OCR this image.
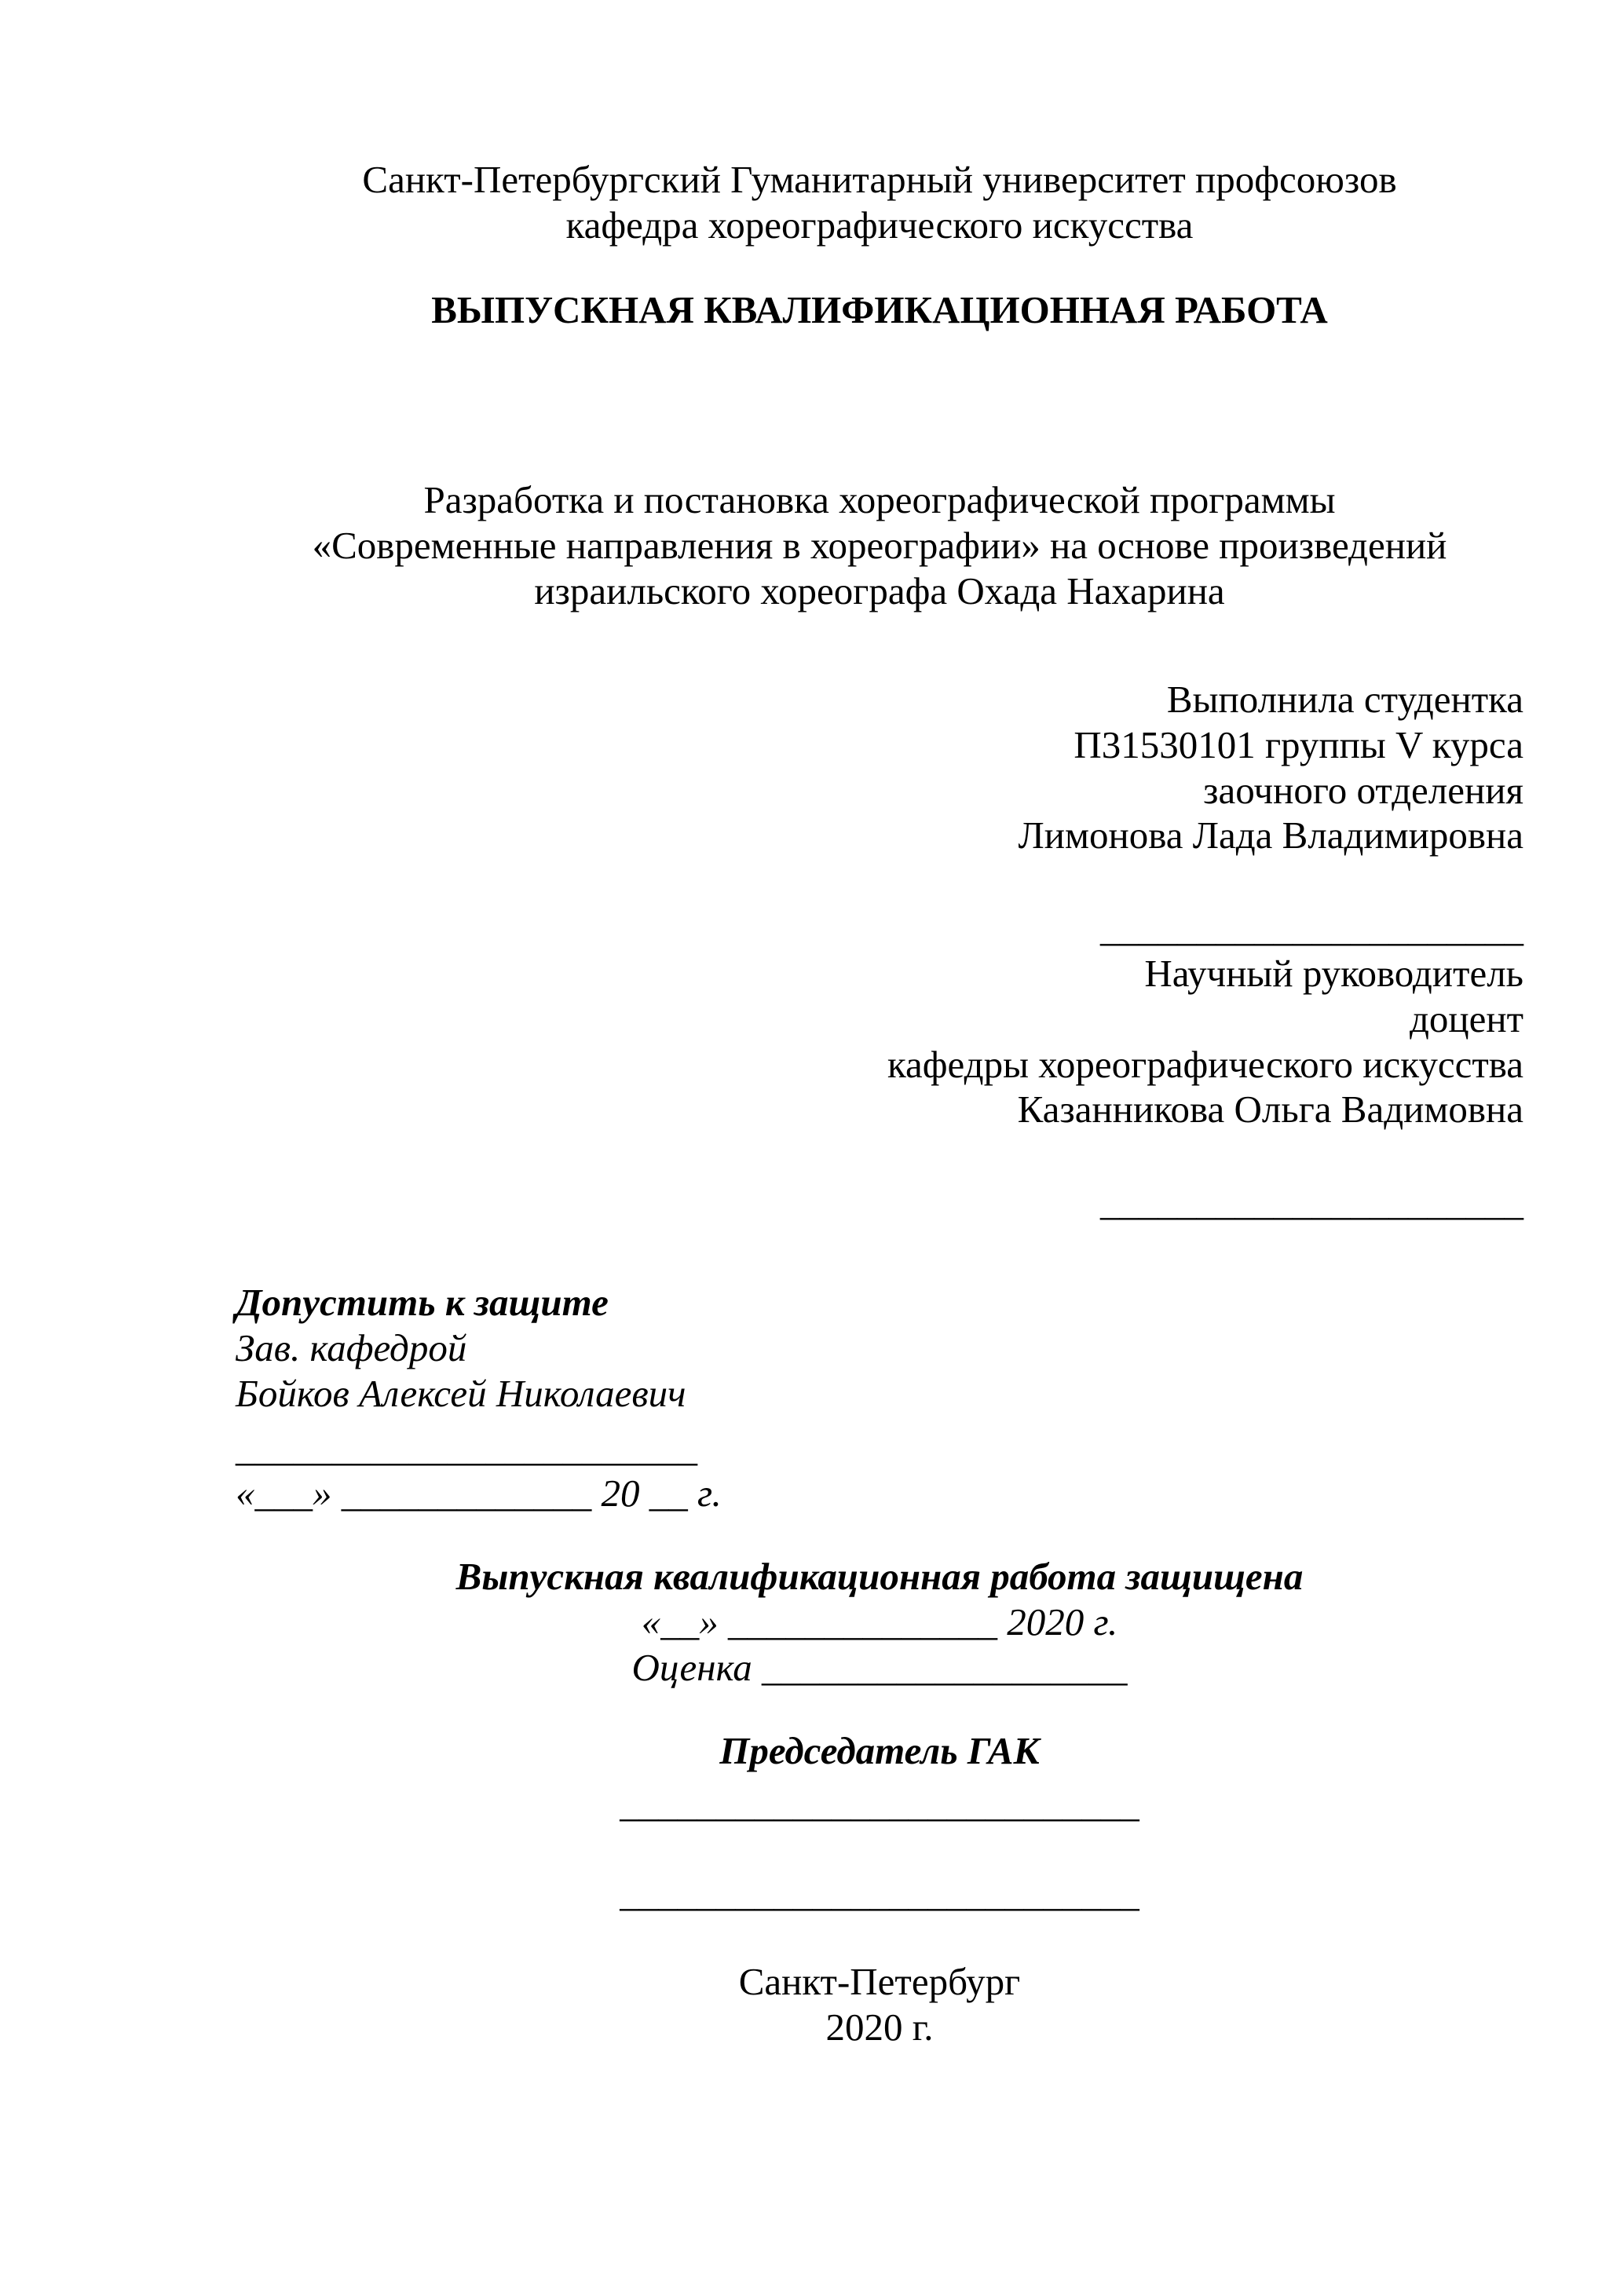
Санкт-Петербургский Гуманитарный университет профсоюзов
кафедра хореографического искусства
ВЫПУСКНАЯ КВАЛИФИКАЦИОННАЯ РАБОТА
Разработка и постановка хореографической программы
«Современные направления в хореографии» на основе произведений
израильского хореографа Охада Нахарина
Выполнила студентка
П31530101 группы V курса
заочного отделения
Лимонова Лада Владимировна
______________________
Научный руководитель
доцент
кафедры хореографического искусства
Казанникова Ольга Вадимовна
______________________
Допустить к защите
Зав. кафедрой
Бойков Алексей Николаевич
________________________
«___» _____________ 20 __ г.
Выпускная квалификационная работа защищена
«__» ______________ 2020 г.
Оценка ___________________
Председатель ГАК
___________________________
___________________________
Санкт-Петербург
2020 г.
